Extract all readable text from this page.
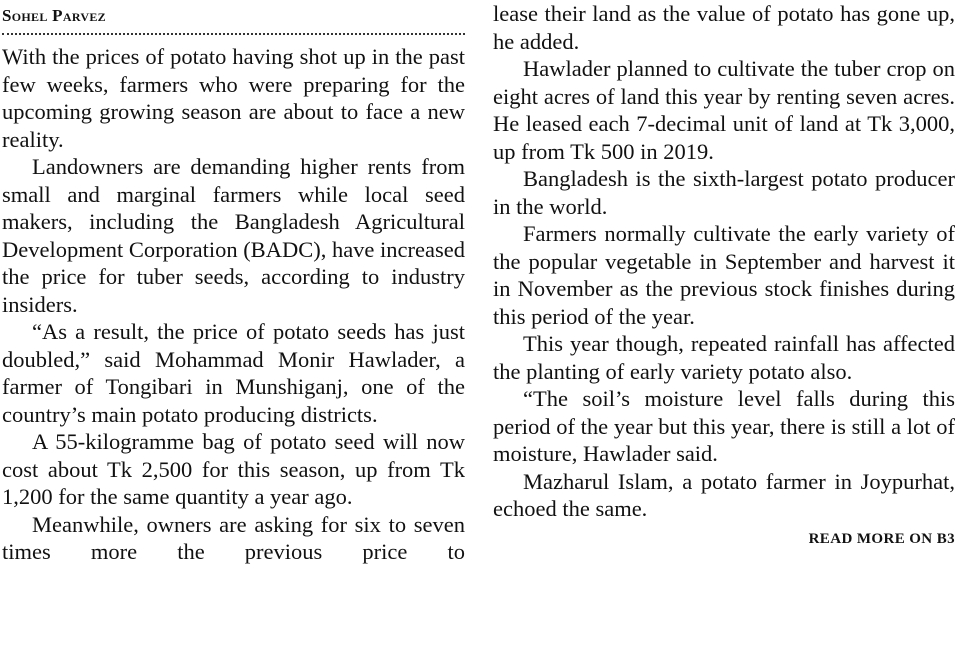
Sohel Parvez

With the prices of potato having shot up in the past few weeks, farmers who were preparing for the upcoming growing season are about to face a new reality.

Landowners are demanding higher rents from small and marginal farmers while local seed makers, including the Bangladesh Agricultural Development Corporation (BADC), have increased the price for tuber seeds, according to industry insiders.

“As a result, the price of potato seeds has just doubled,” said Mohammad Monir Hawlader, a farmer of Tongibari in Munshiganj, one of the country’s main potato producing districts.

A 55-kilogramme bag of potato seed will now cost about Tk 2,500 for this season, up from Tk 1,200 for the same quantity a year ago.

Meanwhile, owners are asking for six to seven times more the previous price to

lease their land as the value of potato has gone up, he added.

Hawlader planned to cultivate the tuber crop on eight acres of land this year by renting seven acres. He leased each 7-decimal unit of land at Tk 3,000, up from Tk 500 in 2019.

Bangladesh is the sixth-largest potato producer in the world.

Farmers normally cultivate the early variety of the popular vegetable in September and harvest it in November as the previous stock finishes during this period of the year.

This year though, repeated rainfall has affected the planting of early variety potato also.

“The soil’s moisture level falls during this period of the year but this year, there is still a lot of moisture, Hawlader said.

Mazharul Islam, a potato farmer in Joypurhat, echoed the same.

READ MORE ON B3
